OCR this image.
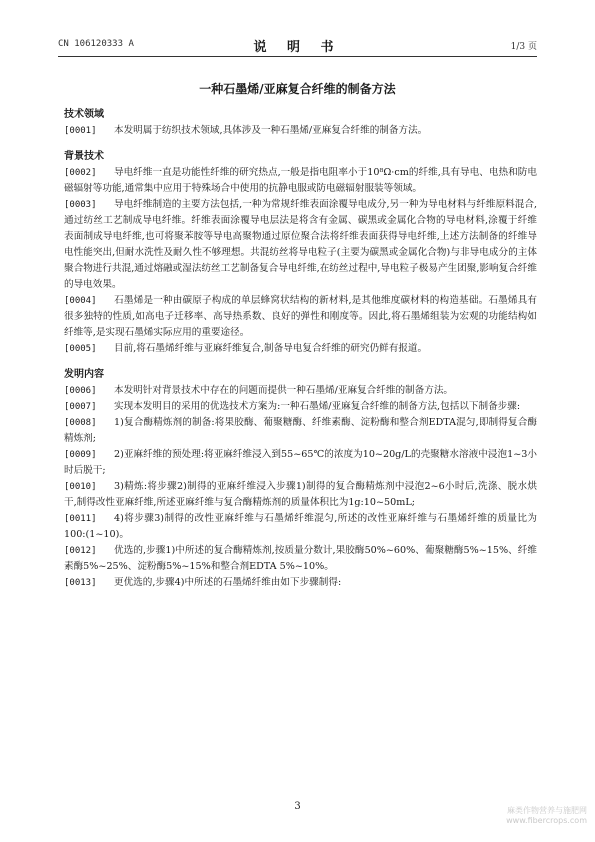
CN 106120333 A	说 明 书	1/3 页
一种石墨烯/亚麻复合纤维的制备方法
技术领域
[0001] 本发明属于纺织技术领域,具体涉及一种石墨烯/亚麻复合纤维的制备方法。
背景技术
[0002] 导电纤维一直是功能性纤维的研究热点,一般是指电阻率小于10⁸Ω·cm的纤维,具有导电、电热和防电磁辐射等功能,通常集中应用于特殊场合中使用的抗静电服或防电磁辐射服装等领域。
[0003] 导电纤维制造的主要方法包括,一种为常规纤维表面涂覆导电成分,另一种为导电材料与纤维原料混合,通过纺丝工艺制成导电纤维。纤维表面涂覆导电层法是将含有金属、碳黑或金属化合物的导电材料,涂覆于纤维表面制成导电纤维,也可将聚苯胺等导电高聚物通过原位聚合法将纤维表面获得导电纤维,上述方法制备的纤维导电性能突出,但耐水洗性及耐久性不够理想。共混纺丝将导电粒子(主要为碳黑或金属化合物)与非导电成分的主体聚合物进行共混,通过熔融或湿法纺丝工艺制备复合导电纤维,在纺丝过程中,导电粒子极易产生团聚,影响复合纤维的导电效果。
[0004] 石墨烯是一种由碳原子构成的单层蜂窝状结构的新材料,是其他维度碳材料的构造基础。石墨烯具有很多独特的性质,如高电子迁移率、高导热系数、良好的弹性和刚度等。因此,将石墨烯组装为宏观的功能结构如纤维等,是实现石墨烯实际应用的重要途径。
[0005] 目前,将石墨烯纤维与亚麻纤维复合,制备导电复合纤维的研究仍鲜有报道。
发明内容
[0006] 本发明针对背景技术中存在的问题而提供一种石墨烯/亚麻复合纤维的制备方法。
[0007] 实现本发明目的采用的优选技术方案为:一种石墨烯/亚麻复合纤维的制备方法,包括以下制备步骤:
[0008] 1)复合酶精炼剂的制备:将果胶酶、葡聚糖酶、纤维素酶、淀粉酶和整合剂EDTA混匀,即制得复合酶精炼剂;
[0009] 2)亚麻纤维的预处理:将亚麻纤维浸入到55~65℃的浓度为10~20g/L的壳聚糖水溶液中浸泡1~3小时后脱干;
[0010] 3)精炼:将步骤2)制得的亚麻纤维浸入步骤1)制得的复合酶精炼剂中浸泡2~6小时后,洗涤、脱水烘干,制得改性亚麻纤维,所述亚麻纤维与复合酶精炼剂的质量体积比为1g:10~50mL;
[0011] 4)将步骤3)制得的改性亚麻纤维与石墨烯纤维混匀,所述的改性亚麻纤维与石墨烯纤维的质量比为100:(1~10)。
[0012] 优选的,步骤1)中所述的复合酶精炼剂,按质量分数计,果胶酶50%~60%、葡聚糖酶5%~15%、纤维素酶5%~25%、淀粉酶5%~15%和整合剂EDTA 5%~10%。
[0013] 更优选的,步骤4)中所述的石墨烯纤维由如下步骤制得:
3	麻类作物营养与施肥网
www.fibercrops.com
